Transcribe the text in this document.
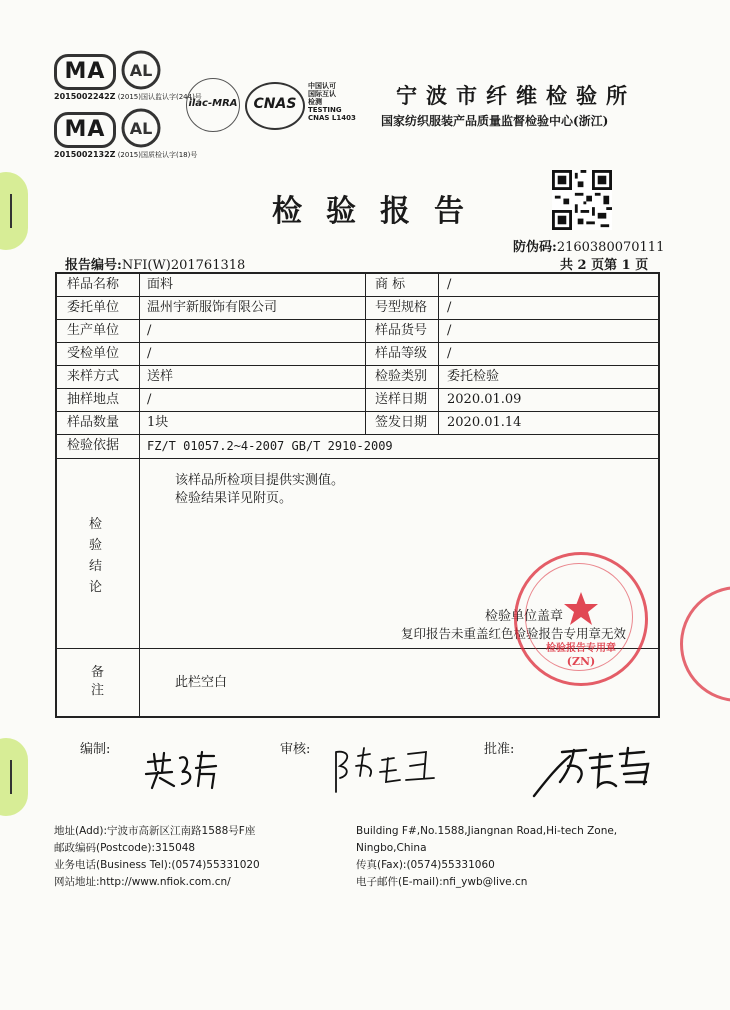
MA	AL
2015002242Z (2015)国认监认字(244)号
MA	AL
2015002132Z (2015)国质检认字(18)号
ilac-MRA	CNAS
中国认可
国际互认
检测
TESTING
CNAS L1403
宁波市纤维检验所
国家纺织服装产品质量监督检验中心(浙江)
检验报告
防伪码:2160380070111
报告编号:NFI(W)201761318	共 2 页第 1 页
样品名称 面料	商 标	/
委托单位 温州宇新服饰有限公司	号型规格 /
生产单位 /	样品货号 /
受检单位 /	样品等级 /
来样方式 送样	检验类别 委托检验
抽样地点 /	送样日期 2020.01.09
样品数量 1块	签发日期 2020.01.14
检验依据 FZ/T 01057.2~4-2007 GB/T 2910-2009
检
验
结
论
该样品所检项目提供实测值。
检验结果详见附页。
检验单位盖章
复印报告未重盖红色检验报告专用章无效
备
注
此栏空白
检验报告专用章
(ZN)
编制:	审核:	批准:
地址(Add):宁波市高新区江南路1588号F座
邮政编码(Postcode):315048
业务电话(Business Tel):(0574)55331020
网站地址:http://www.nfiok.com.cn/
Building F#,No.1588,Jiangnan Road,Hi-tech Zone,
Ningbo,China
传真(Fax):(0574)55331060
电子邮件(E-mail):nfi_ywb@live.cn
